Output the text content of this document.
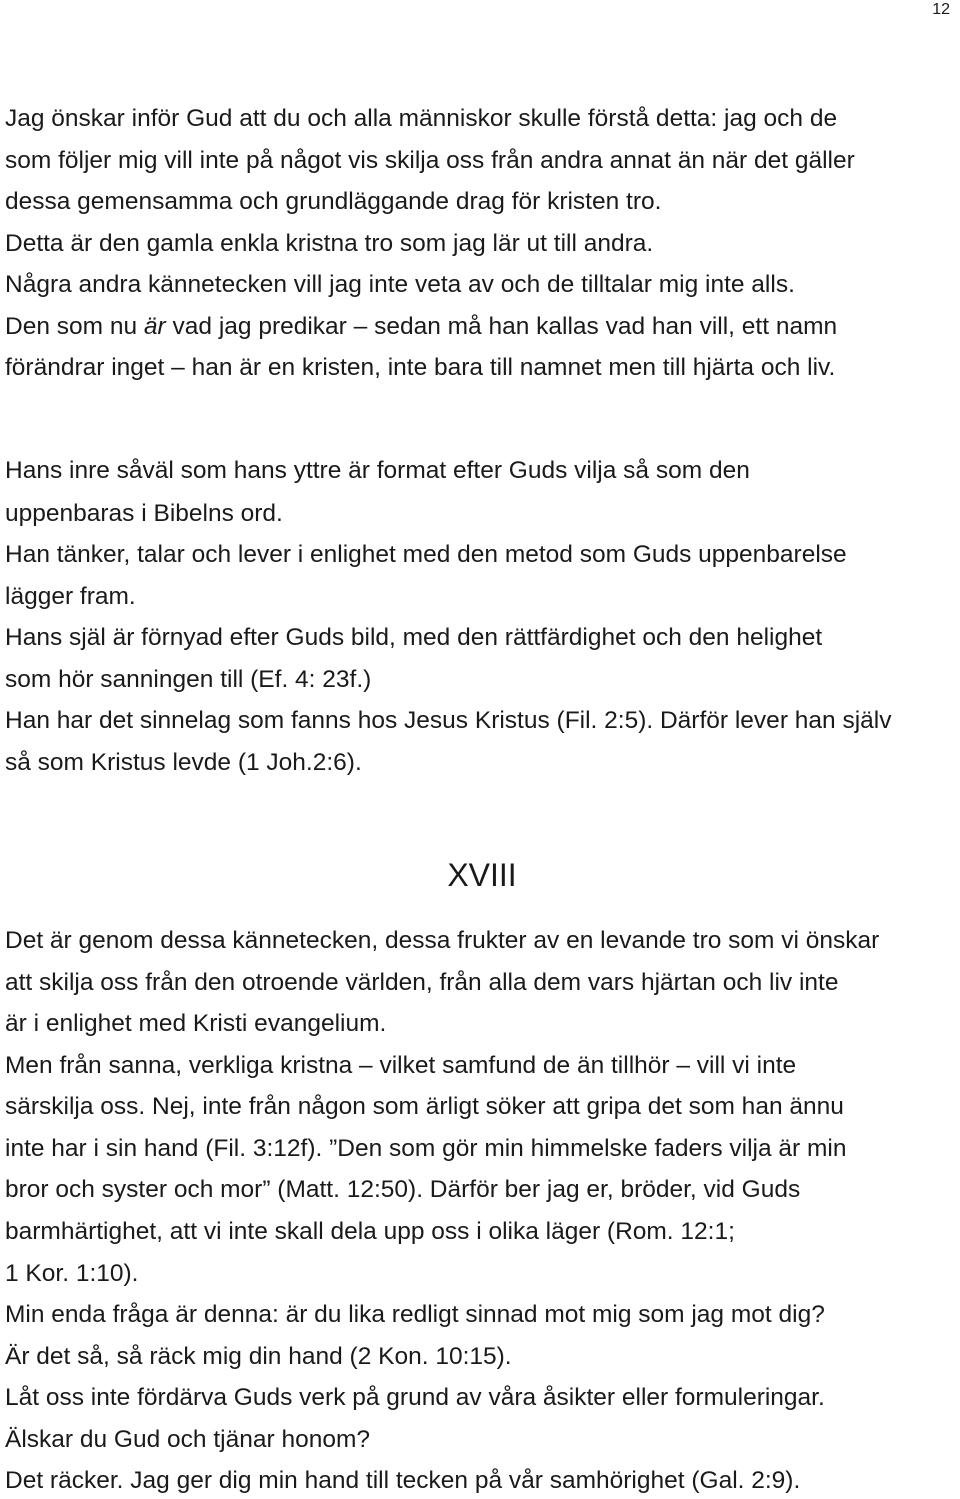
12
Jag önskar inför Gud att du och alla människor skulle förstå detta: jag och de
som följer mig vill inte på något vis skilja oss från andra annat än när det gäller
dessa gemensamma och grundläggande drag för kristen tro.
Detta är den gamla enkla kristna tro som jag lär ut till andra.
Några andra kännetecken vill jag inte veta av och de tilltalar mig inte alls.
Den som nu är vad jag predikar – sedan må han kallas vad han vill, ett namn
förändrar inget – han är en kristen, inte bara till namnet men till hjärta och liv.
Hans inre såväl som hans yttre är format efter Guds vilja så som den
uppenbaras i Bibelns ord.
Han tänker, talar och lever i enlighet med den metod som Guds uppenbarelse
lägger fram.
Hans själ är förnyad efter Guds bild, med den rättfärdighet och den helighet
som hör sanningen till (Ef. 4: 23f.)
Han har det sinnelag som fanns hos Jesus Kristus (Fil. 2:5). Därför lever han själv
så som Kristus levde (1 Joh.2:6).
XVIII
Det är genom dessa kännetecken, dessa frukter av en levande tro som vi önskar
att skilja oss från den otroende världen, från alla dem vars hjärtan och liv inte
är i enlighet med Kristi evangelium.
Men från sanna, verkliga kristna – vilket samfund de än tillhör – vill vi inte
särskilja oss. Nej, inte från någon som ärligt söker att gripa det som han ännu
inte har i sin hand (Fil. 3:12f). ”Den som gör min himmelske faders vilja är min
bror och syster och mor” (Matt. 12:50). Därför ber jag er, bröder, vid Guds
barmhärtighet, att vi inte skall dela upp oss i olika läger (Rom. 12:1;
1 Kor. 1:10).
Min enda fråga är denna: är du lika redligt sinnad mot mig som jag mot dig?
Är det så, så räck mig din hand (2 Kon. 10:15).
Låt oss inte fördärva Guds verk på grund av våra åsikter eller formuleringar.
Älskar du Gud och tjänar honom?
Det räcker. Jag ger dig min hand till tecken på vår samhörighet (Gal. 2:9).
